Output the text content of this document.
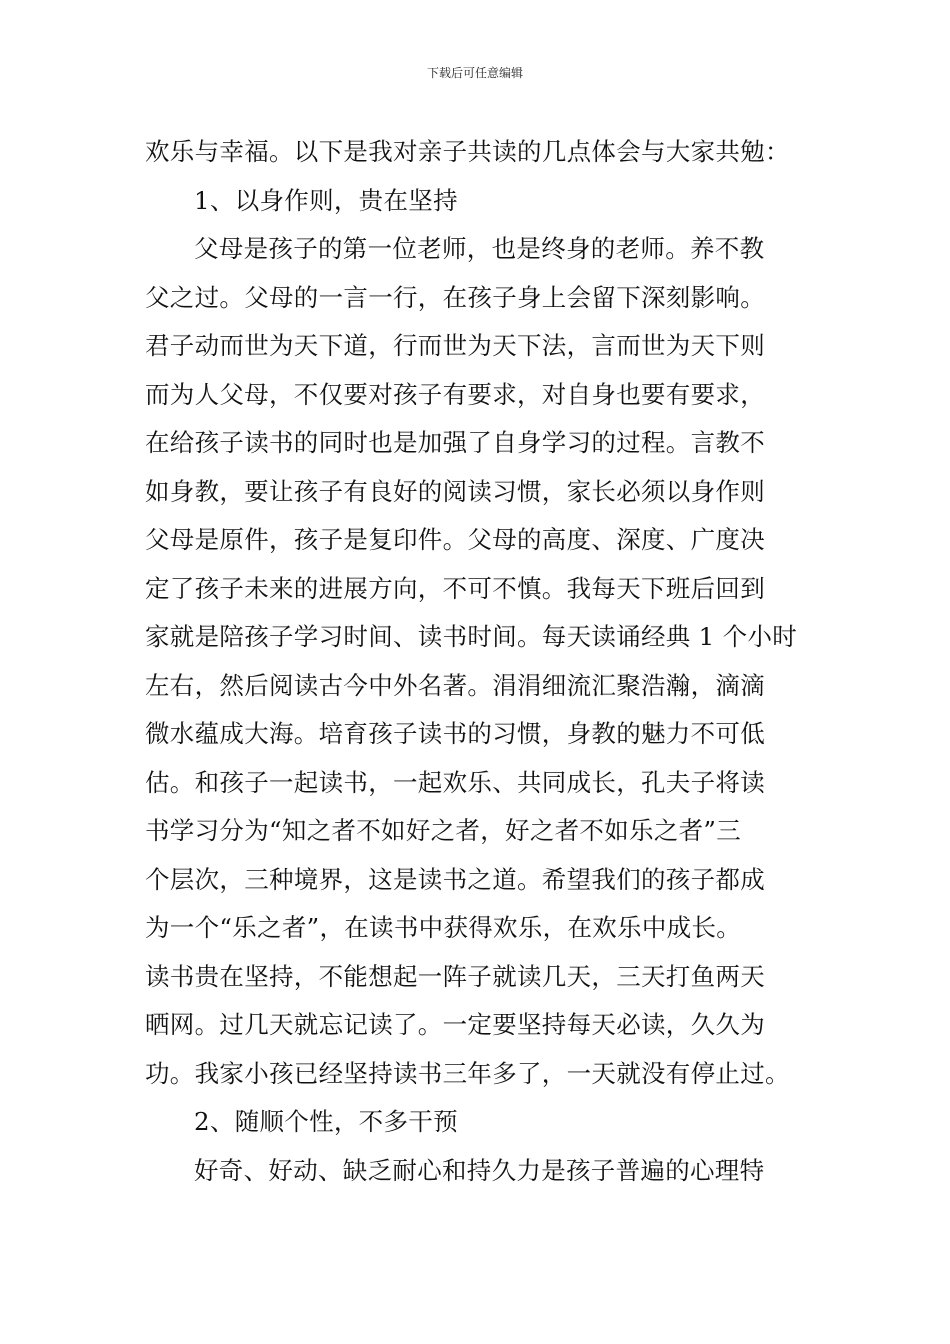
下载后可任意编辑
欢乐与幸福。以下是我对亲子共读的几点体会与大家共勉：
1、以身作则，贵在坚持
父母是孩子的第一位老师，也是终身的老师。养不教
父之过。父母的一言一行，在孩子身上会留下深刻影响。
君子动而世为天下道，行而世为天下法，言而世为天下则
而为人父母，不仅要对孩子有要求，对自身也要有要求，
在给孩子读书的同时也是加强了自身学习的过程。言教不
如身教，要让孩子有良好的阅读习惯，家长必须以身作则
父母是原件，孩子是复印件。父母的高度、深度、广度决
定了孩子未来的进展方向，不可不慎。我每天下班后回到
家就是陪孩子学习时间、读书时间。每天读诵经典 1 个小时
左右，然后阅读古今中外名著。涓涓细流汇聚浩瀚，滴滴
微水蕴成大海。培育孩子读书的习惯，身教的魅力不可低
估。和孩子一起读书，一起欢乐、共同成长，孔夫子将读
书学习分为“知之者不如好之者，好之者不如乐之者”三
个层次，三种境界，这是读书之道。希望我们的孩子都成
为一个“乐之者”，在读书中获得欢乐，在欢乐中成长。
读书贵在坚持，不能想起一阵子就读几天，三天打鱼两天
晒网。过几天就忘记读了。一定要坚持每天必读，久久为
功。我家小孩已经坚持读书三年多了，一天就没有停止过。
2、随顺个性，不多干预
好奇、好动、缺乏耐心和持久力是孩子普遍的心理特
